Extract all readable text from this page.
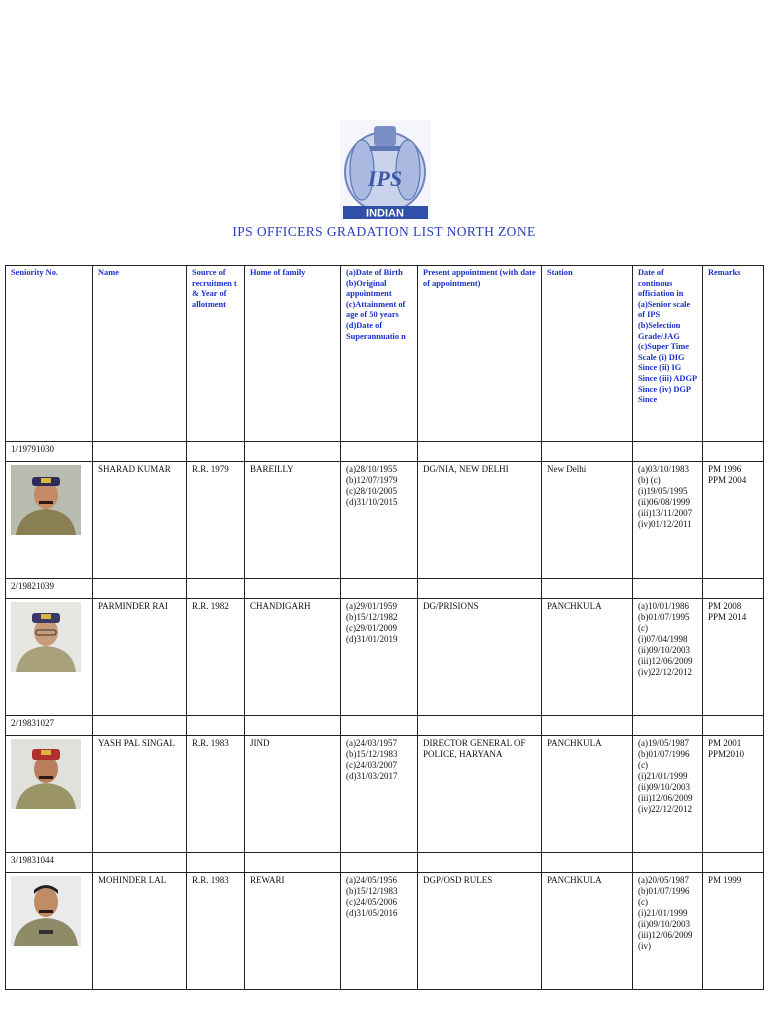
IPS
INDIAN
IPS OFFICERS GRADATION LIST NORTH ZONE
Seniority No.	Name	Source of recruitmen t & Year of allotment	Home of family	(a)Date of Birth (b)Original appointment (c)Attainment of age of 50 years (d)Date of Superannuatio n	Present appointment (with date of appointment)	Station	Date of continous officiation in (a)Senior scale of IPS (b)Selection Grade/JAG (c)Super Time Scale (i) DIG Since (ii) IG Since (iii) ADGP Since (iv) DGP Since	Remarks
1/19791030								

	SHARAD KUMAR	R.R. 1979	BAREILLY	(a)28/10/1955 (b)12/07/1979 (c)28/10/2005 (d)31/10/2015	DG/NIA, NEW DELHI	New Delhi	(a)03/10/1983 (b) (c) (i)19/05/1995 (ii)06/08/1999 (iii)13/11/2007 (iv)01/12/2011	PM 1996 PPM 2004
2/19821039								

	PARMINDER RAI	R.R. 1982	CHANDIGARH	(a)29/01/1959 (b)15/12/1982 (c)29/01/2009 (d)31/01/2019	DG/PRISIONS	PANCHKULA	(a)10/01/1986 (b)01/07/1995 (c) (i)07/04/1998 (ii)09/10/2003 (iii)12/06/2009 (iv)22/12/2012	PM 2008 PPM 2014
2/19831027								

	YASH PAL SINGAL	R.R. 1983	JIND	(a)24/03/1957 (b)15/12/1983 (c)24/03/2007 (d)31/03/2017	DIRECTOR GENERAL OF POLICE, HARYANA	PANCHKULA	(a)19/05/1987 (b)01/07/1996 (c) (i)21/01/1999 (ii)09/10/2003 (iii)12/06/2009 (iv)22/12/2012	PM 2001 PPM2010
3/19831044								

	MOHINDER LAL	R.R. 1983	REWARI	(a)24/05/1956 (b)15/12/1983 (c)24/05/2006 (d)31/05/2016	DGP/OSD RULES	PANCHKULA	(a)20/05/1987 (b)01/07/1996 (c) (i)21/01/1999 (ii)09/10/2003 (iii)12/06/2009 (iv)	PM 1999
